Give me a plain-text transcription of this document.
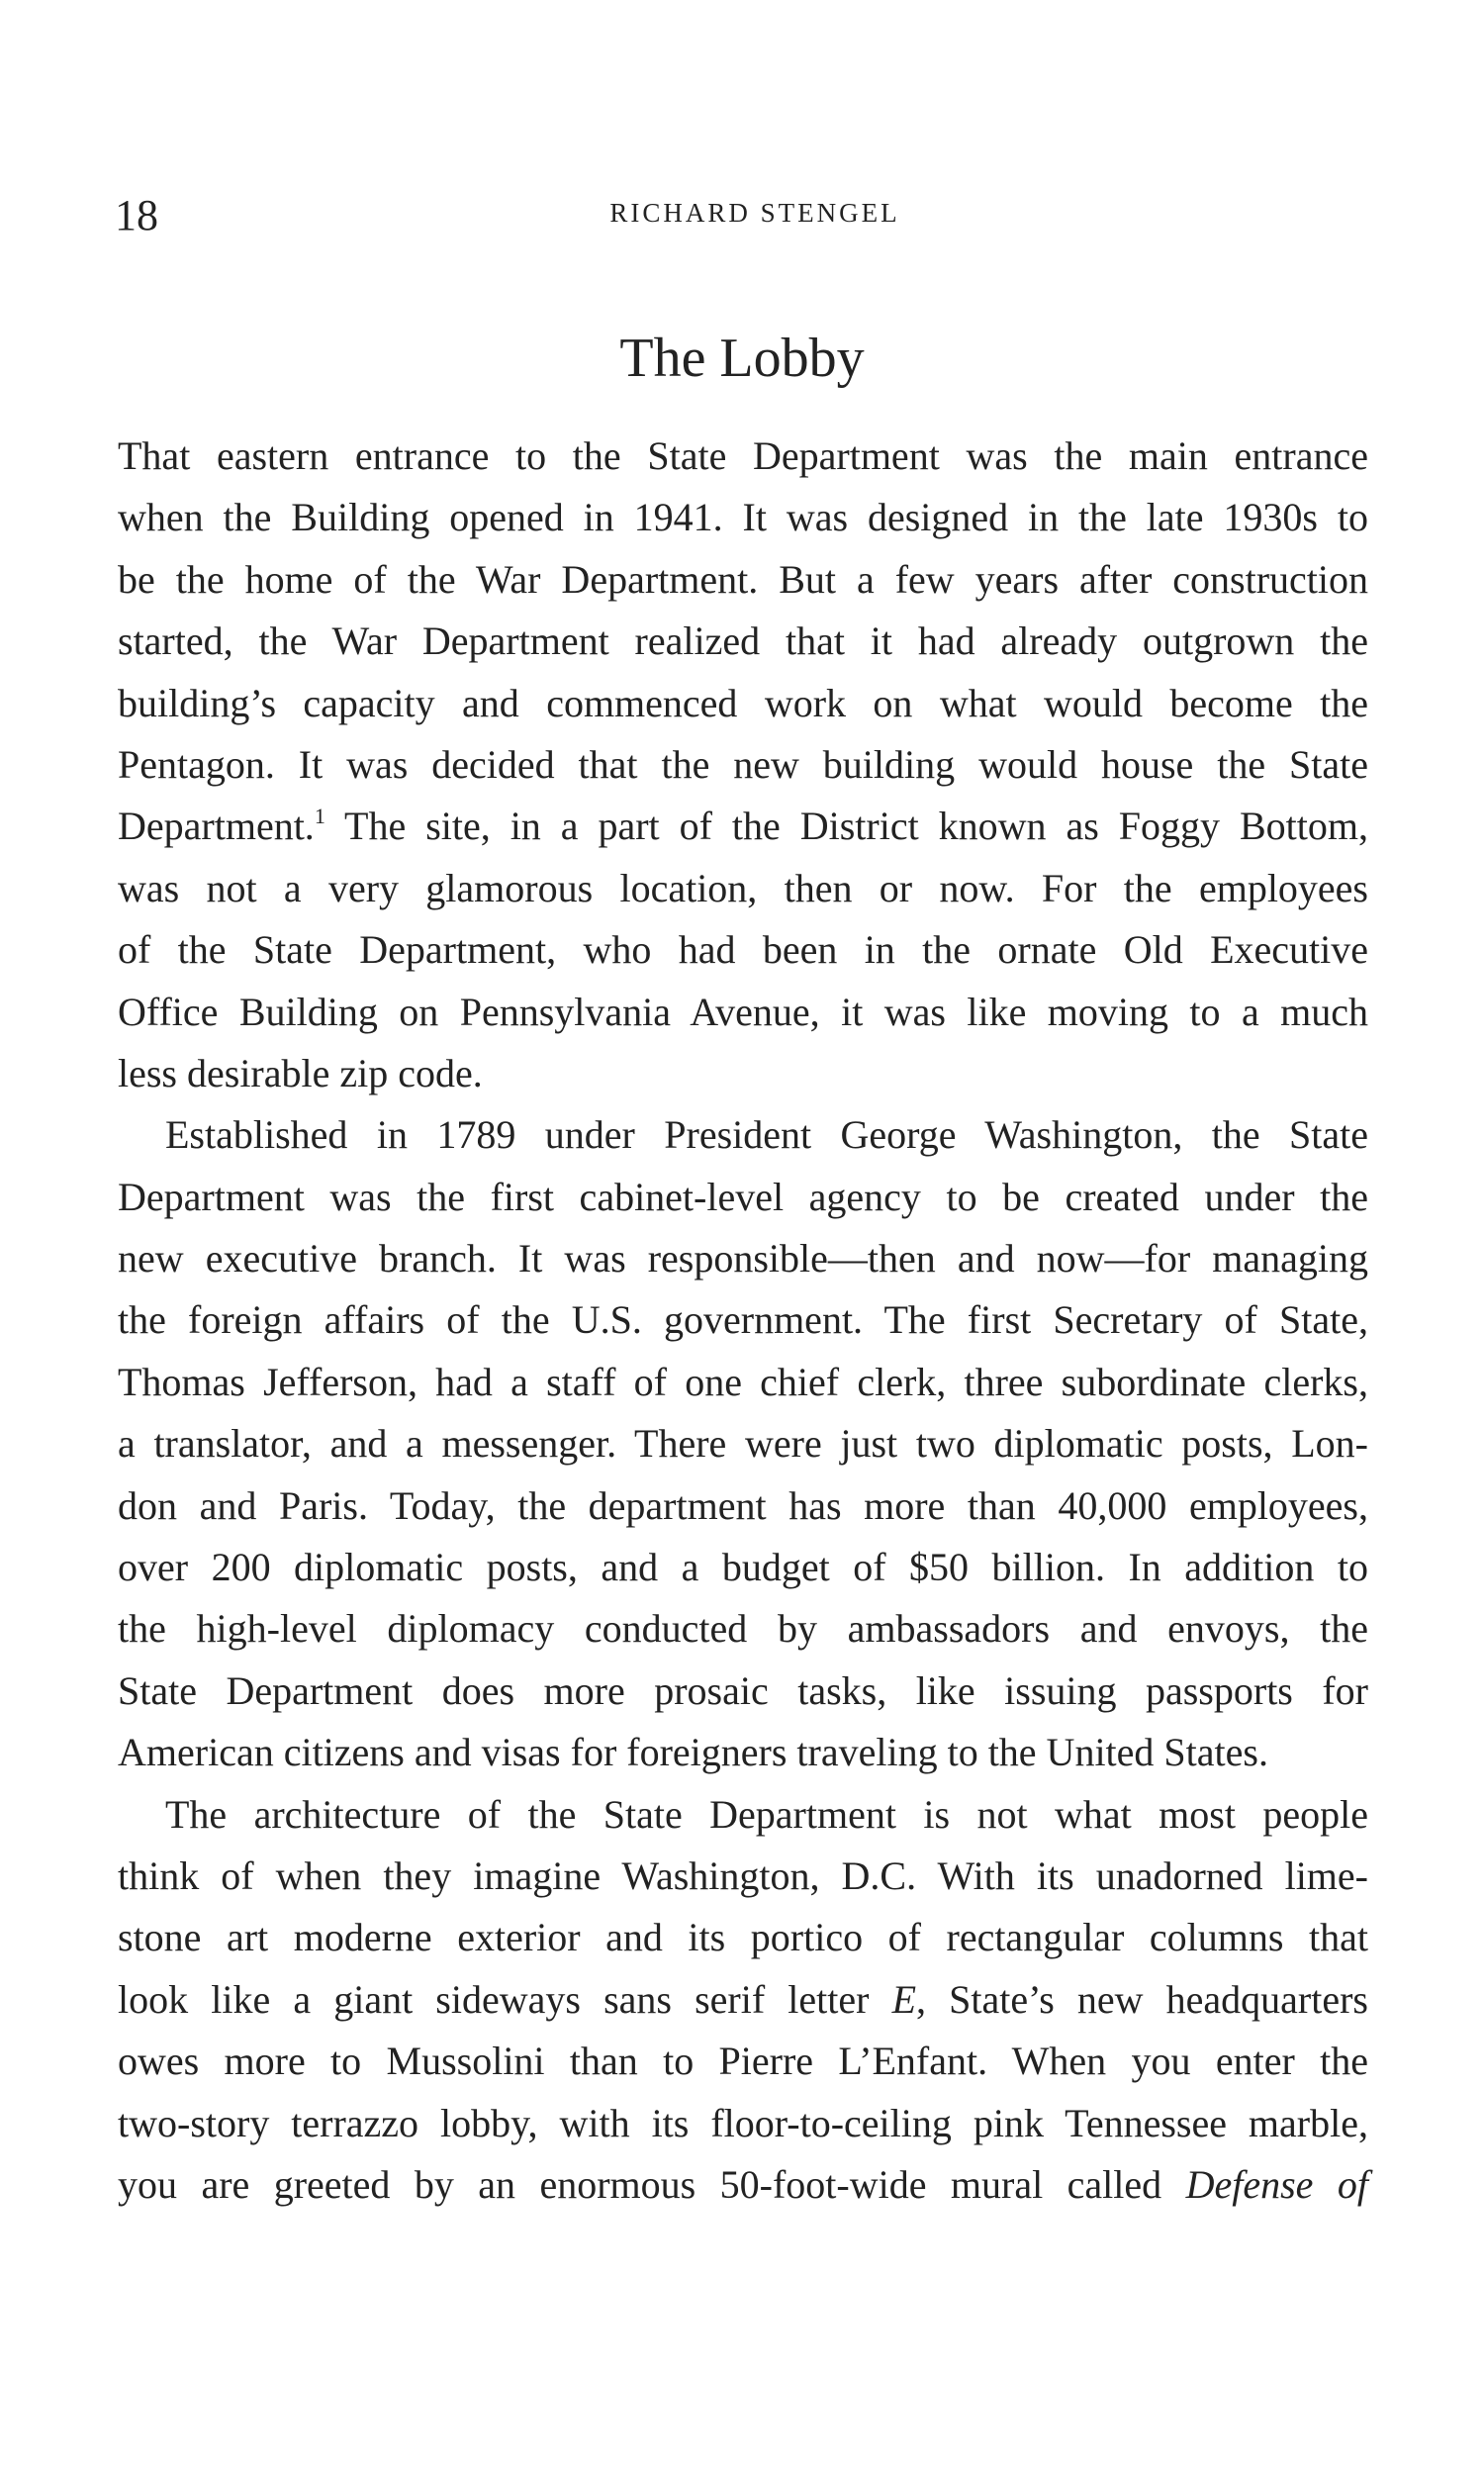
18	RICHARD STENGEL
The Lobby
That eastern entrance to the State Department was the main entrance
when the Building opened in 1941. It was designed in the late 1930s to
be the home of the War Department. But a few years after construction
started, the War Department realized that it had already outgrown the
building’s capacity and commenced work on what would become the
Pentagon. It was decided that the new building would house the State
Department.$^1$ The site, in a part of the District known as Foggy Bottom,
was not a very glamorous location, then or now. For the employees
of the State Department, who had been in the ornate Old Executive
Office Building on Pennsylvania Avenue, it was like moving to a much
less desirable zip code.
Established in 1789 under President George Washington, the State
Department was the first cabinet-level agency to be created under the
new executive branch. It was responsible—then and now—for managing
the foreign affairs of the U.S. government. The first Secretary of State,
Thomas Jefferson, had a staff of one chief clerk, three subordinate clerks,
a translator, and a messenger. There were just two diplomatic posts, Lon-
don and Paris. Today, the department has more than 40,000 employees,
over 200 diplomatic posts, and a budget of $50 billion. In addition to
the high-level diplomacy conducted by ambassadors and envoys, the
State Department does more prosaic tasks, like issuing passports for
American citizens and visas for foreigners traveling to the United States.
The architecture of the State Department is not what most people
think of when they imagine Washington, D.C. With its unadorned lime-
stone art moderne exterior and its portico of rectangular columns that
look like a giant sideways sans serif letter E, State’s new headquarters
owes more to Mussolini than to Pierre L’Enfant. When you enter the
two-story terrazzo lobby, with its floor-to-ceiling pink Tennessee marble,
you are greeted by an enormous 50-foot-wide mural called Defense of
